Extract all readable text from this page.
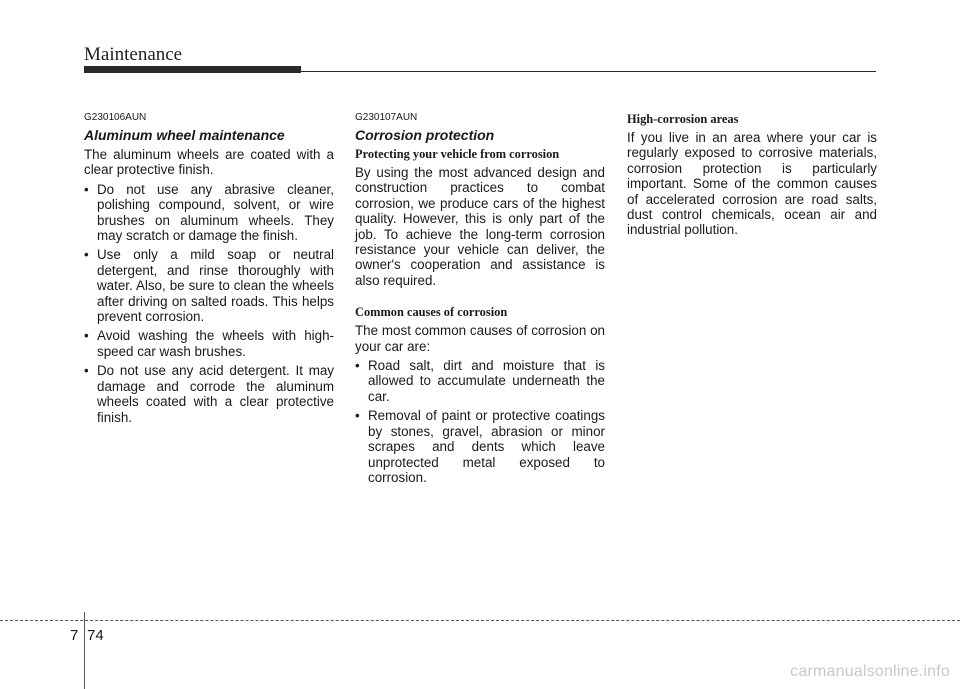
Maintenance
G230106AUN
Aluminum wheel maintenance

The aluminum wheels are coated with a clear protective finish.

• Do not use any abrasive cleaner, polishing compound, solvent, or wire brushes on aluminum wheels. They may scratch or damage the finish.
• Use only a mild soap or neutral detergent, and rinse thoroughly with water. Also, be sure to clean the wheels after driving on salted roads. This helps prevent corrosion.
• Avoid washing the wheels with high-speed car wash brushes.
• Do not use any acid detergent. It may damage and corrode the aluminum wheels coated with a clear protective finish.
G230107AUN
Corrosion protection
Protecting your vehicle from corrosion

By using the most advanced design and construction practices to combat corrosion, we produce cars of the highest quality. However, this is only part of the job. To achieve the long-term corrosion resistance your vehicle can deliver, the owner's cooperation and assistance is also required.

Common causes of corrosion

The most common causes of corrosion on your car are:

• Road salt, dirt and moisture that is allowed to accumulate underneath the car.
• Removal of paint or protective coatings by stones, gravel, abrasion or minor scrapes and dents which leave unprotected metal exposed to corrosion.
High-corrosion areas

If you live in an area where your car is regularly exposed to corrosive materials, corrosion protection is particularly important. Some of the common causes of accelerated corrosion are road salts, dust control chemicals, ocean air and industrial pollution.

7 74
carmanualsonline.info
